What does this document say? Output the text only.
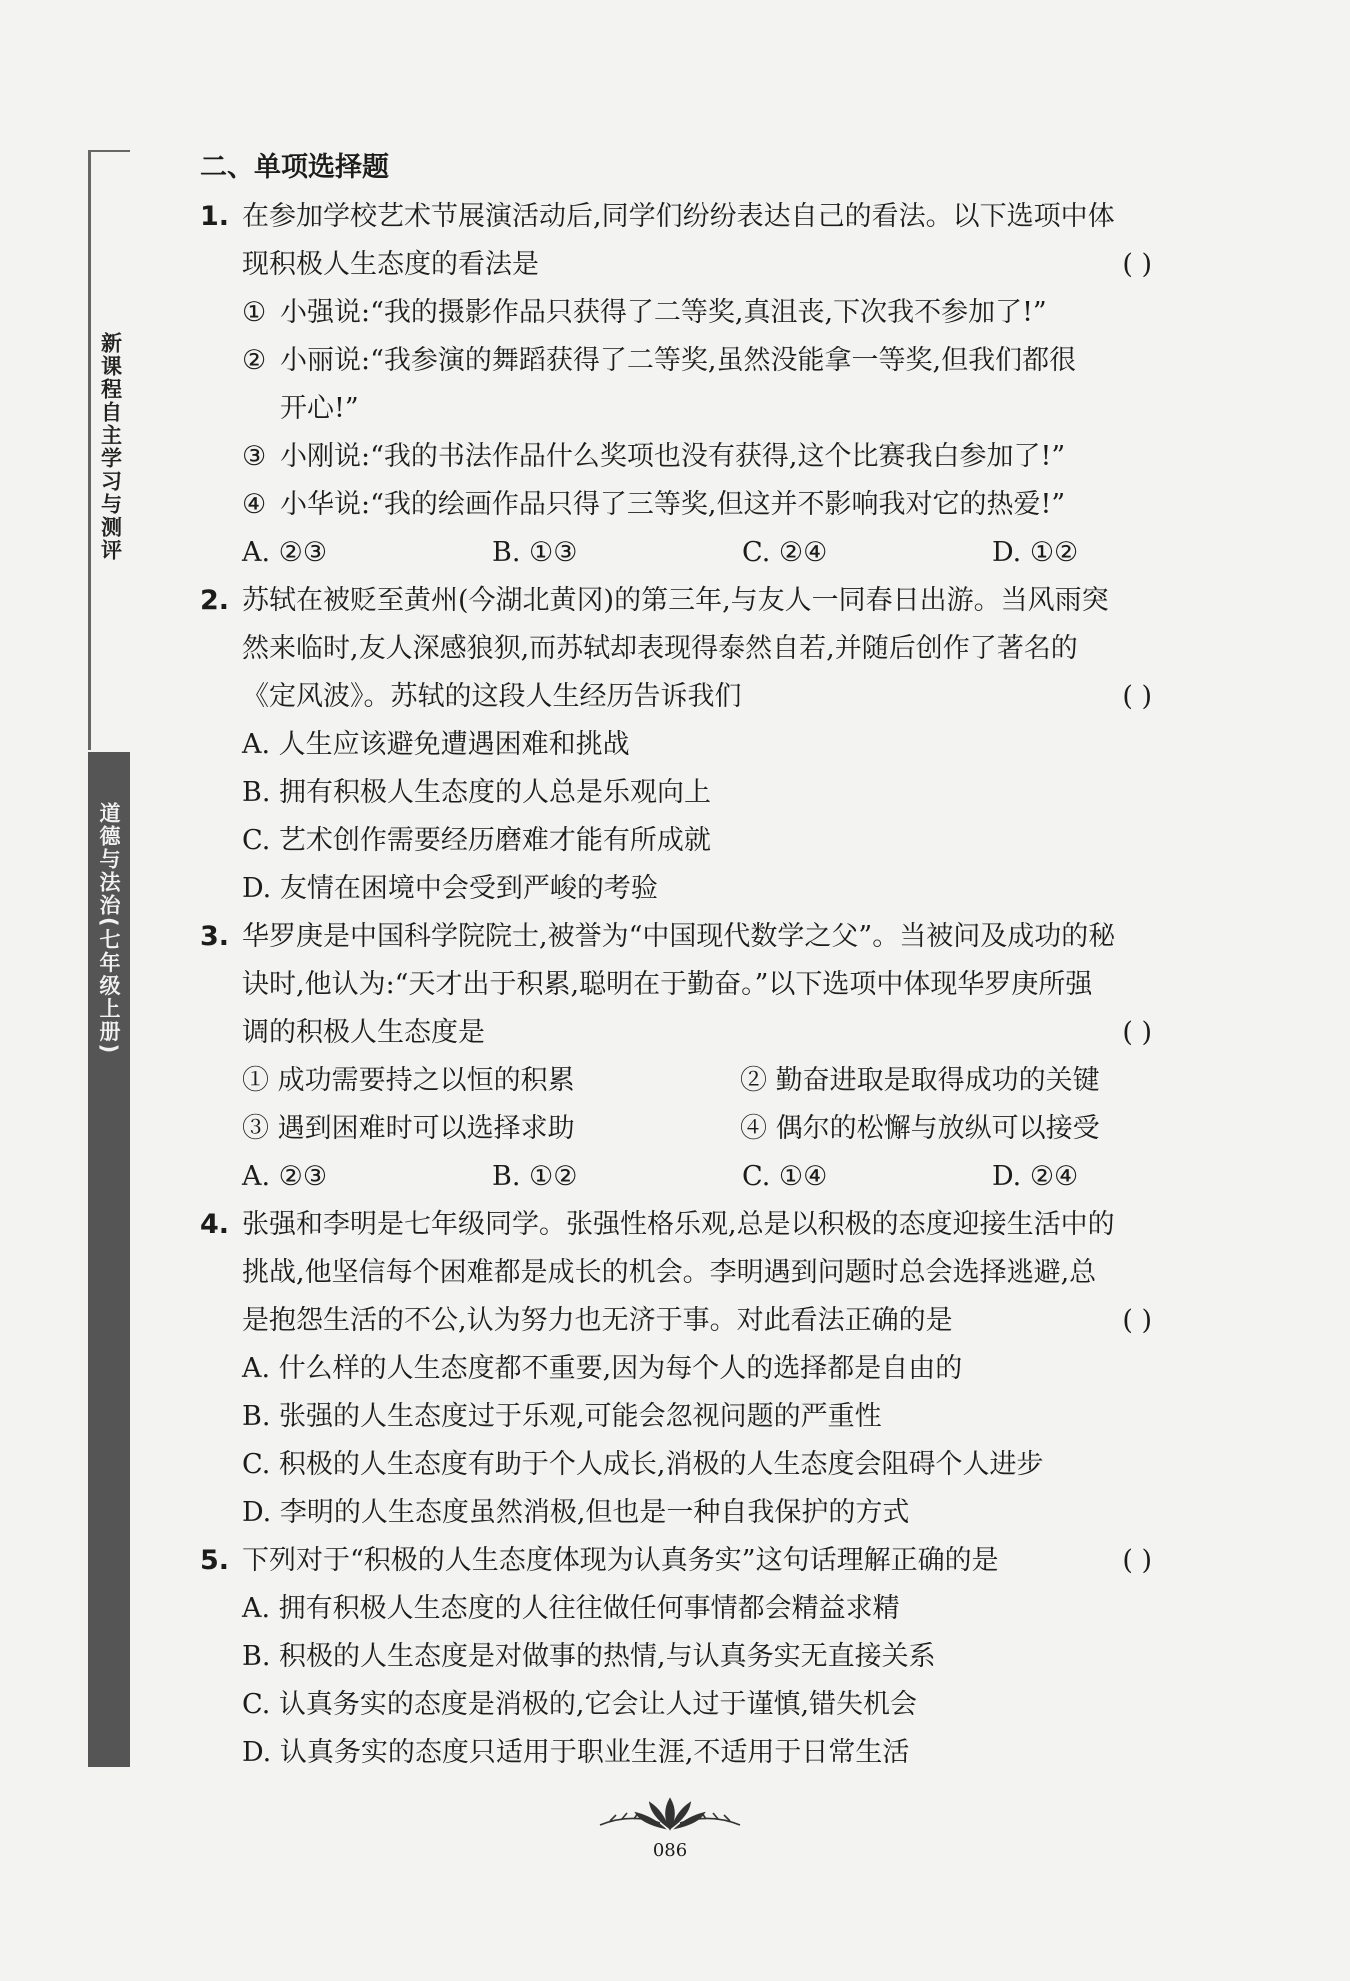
新课程自主学习与测评
道德与法治(七年级上册)
二、单项选择题
1. 在参加学校艺术节展演活动后,同学们纷纷表达自己的看法。以下选项中体
现积极人生态度的看法是	( )
① 小强说:“我的摄影作品只获得了二等奖,真沮丧,下次我不参加了!”
② 小丽说:“我参演的舞蹈获得了二等奖,虽然没能拿一等奖,但我们都很
开心!”
③ 小刚说:“我的书法作品什么奖项也没有获得,这个比赛我白参加了!”
④ 小华说:“我的绘画作品只得了三等奖,但这并不影响我对它的热爱!”
A. ②③	B. ①③	C. ②④	D. ①②
2. 苏轼在被贬至黄州(今湖北黄冈)的第三年,与友人一同春日出游。当风雨突
然来临时,友人深感狼狈,而苏轼却表现得泰然自若,并随后创作了著名的
《定风波》。苏轼的这段人生经历告诉我们	( )
A. 人生应该避免遭遇困难和挑战
B. 拥有积极人生态度的人总是乐观向上
C. 艺术创作需要经历磨难才能有所成就
D. 友情在困境中会受到严峻的考验
3. 华罗庚是中国科学院院士,被誉为“中国现代数学之父”。当被问及成功的秘
诀时,他认为:“天才出于积累,聪明在于勤奋。”以下选项中体现华罗庚所强
调的积极人生态度是	( )
① 成功需要持之以恒的积累	② 勤奋进取是取得成功的关键
③ 遇到困难时可以选择求助	④ 偶尔的松懈与放纵可以接受
A. ②③	B. ①②	C. ①④	D. ②④
4. 张强和李明是七年级同学。张强性格乐观,总是以积极的态度迎接生活中的
挑战,他坚信每个困难都是成长的机会。李明遇到问题时总会选择逃避,总
是抱怨生活的不公,认为努力也无济于事。对此看法正确的是	( )
A. 什么样的人生态度都不重要,因为每个人的选择都是自由的
B. 张强的人生态度过于乐观,可能会忽视问题的严重性
C. 积极的人生态度有助于个人成长,消极的人生态度会阻碍个人进步
D. 李明的人生态度虽然消极,但也是一种自我保护的方式
5. 下列对于“积极的人生态度体现为认真务实”这句话理解正确的是	( )
A. 拥有积极人生态度的人往往做任何事情都会精益求精
B. 积极的人生态度是对做事的热情,与认真务实无直接关系
C. 认真务实的态度是消极的,它会让人过于谨慎,错失机会
D. 认真务实的态度只适用于职业生涯,不适用于日常生活
086
